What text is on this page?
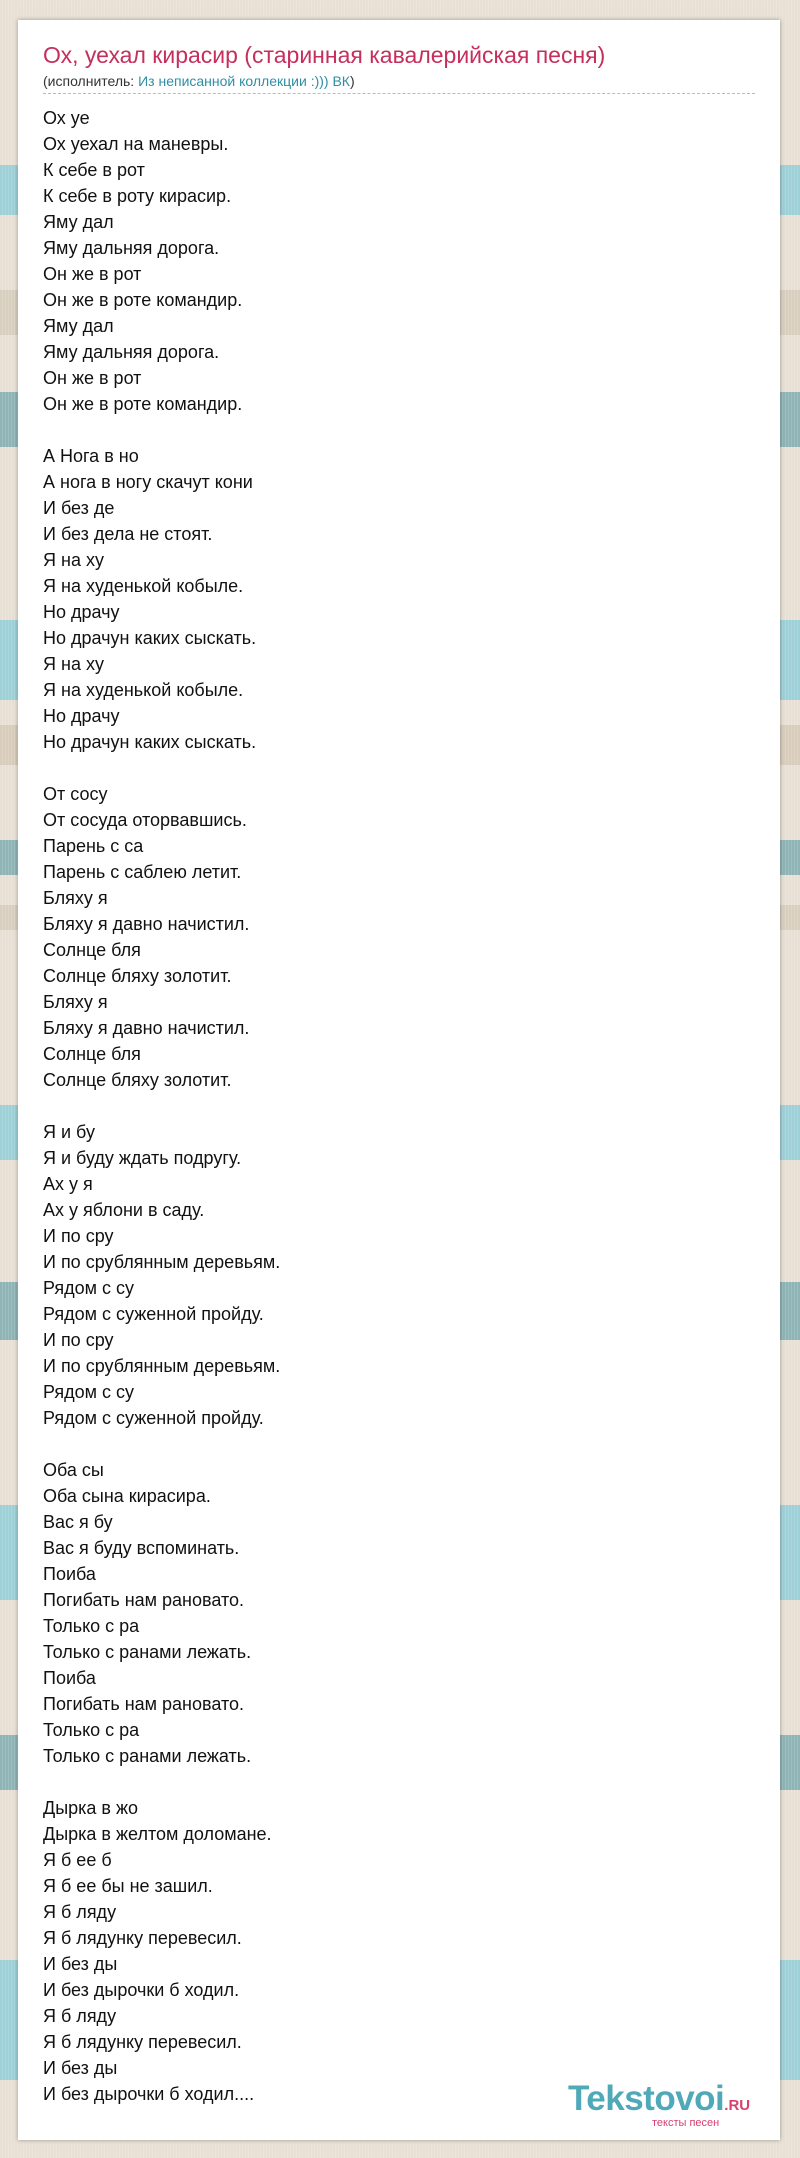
Ох, уехал кирасир (старинная кавалерийская песня)
(исполнитель: Из неписанной коллекции :))) ВК)
Ох уе
Ох уехал на маневры.
К себе в рот
К себе в роту кирасир.
Яму дал
Яму дальняя дорога.
Он же в рот
Он же в роте командир.
Яму дал
Яму дальняя дорога.
Он же в рот
Он же в роте командир.
А Нога в но
А нога в ногу скачут кони
И без де
И без дела не стоят.
Я на ху
Я на худенькой кобыле.
Но драчу
Но драчун каких сыскать.
Я на ху
Я на худенькой кобыле.
Но драчу
Но драчун каких сыскать.
От сосу
От сосуда оторвавшись.
Парень с са
Парень с саблею летит.
Бляху я
Бляху я давно начистил.
Солнце бля
Солнце бляху золотит.
Бляху я
Бляху я давно начистил.
Солнце бля
Солнце бляху золотит.
Я и бу
Я и буду ждать подругу.
Ах у я
Ах у яблони в саду.
И по сру
И по срублянным деревьям.
Рядом с су
Рядом с суженной пройду.
И по сру
И по срублянным деревьям.
Рядом с су
Рядом с суженной пройду.
Оба сы
Оба сына кирасира.
Вас я бу
Вас я буду вспоминать.
Поиба
Погибать нам рановато.
Только с ра
Только с ранами лежать.
Поиба
Погибать нам рановато.
Только с ра
Только с ранами лежать.
Дырка в жо
Дырка в желтом доломане.
Я б ее б
Я б ее бы не зашил.
Я б ляду
Я б лядунку перевесил.
И без ды
И без дырочки б ходил.
Я б ляду
Я б лядунку перевесил.
И без ды
И без дырочки б ходил....	Tekstovoi.RU
тексты песен
